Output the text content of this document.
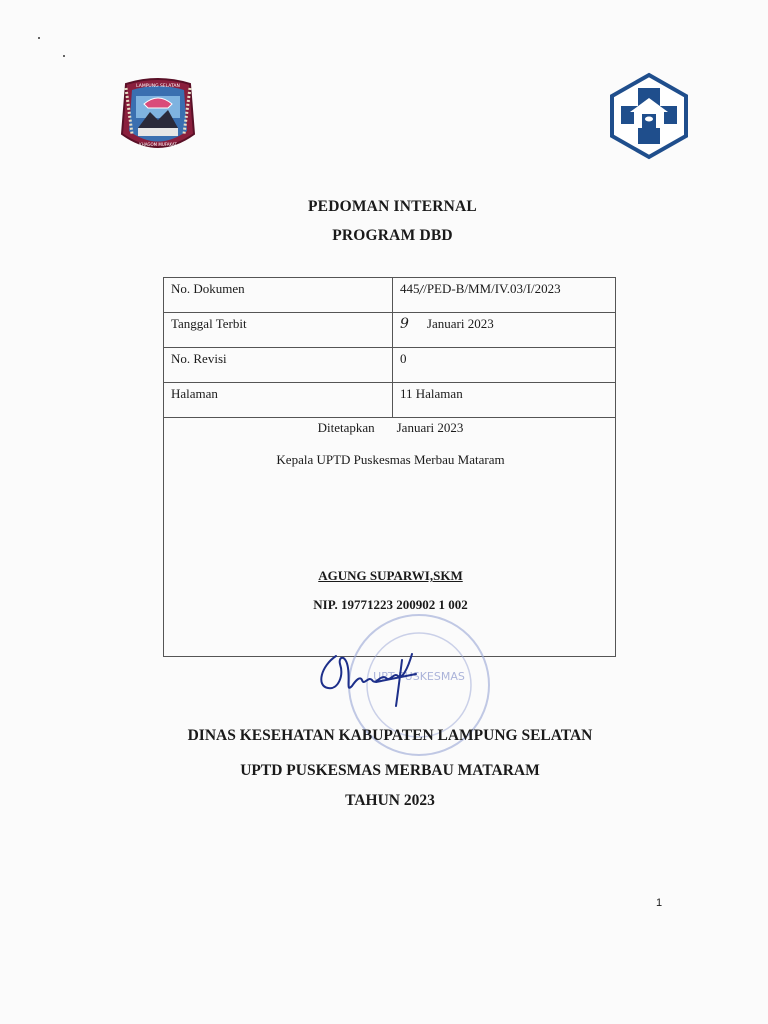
LAMPUNG SELATAN
KHAGOM MUFAKAT
PEDOMAN INTERNAL
PROGRAM DBD
No. Dokumen	445//PED-B/MM/IV.03/I/2023
Tanggal Terbit	9 Januari 2023
No. Revisi	0
Halaman	11 Halaman

Ditetapkan Januari 2023
Kepala UPTD Puskesmas Merbau Mataram
UPT PUSKESMAS
AGUNG SUPARWI,SKM
NIP. 19771223 200902 1 002	
DINAS KESEHATAN KABUPATEN LAMPUNG SELATAN
UPTD PUSKESMAS MERBAU MATARAM
TAHUN 2023
1
